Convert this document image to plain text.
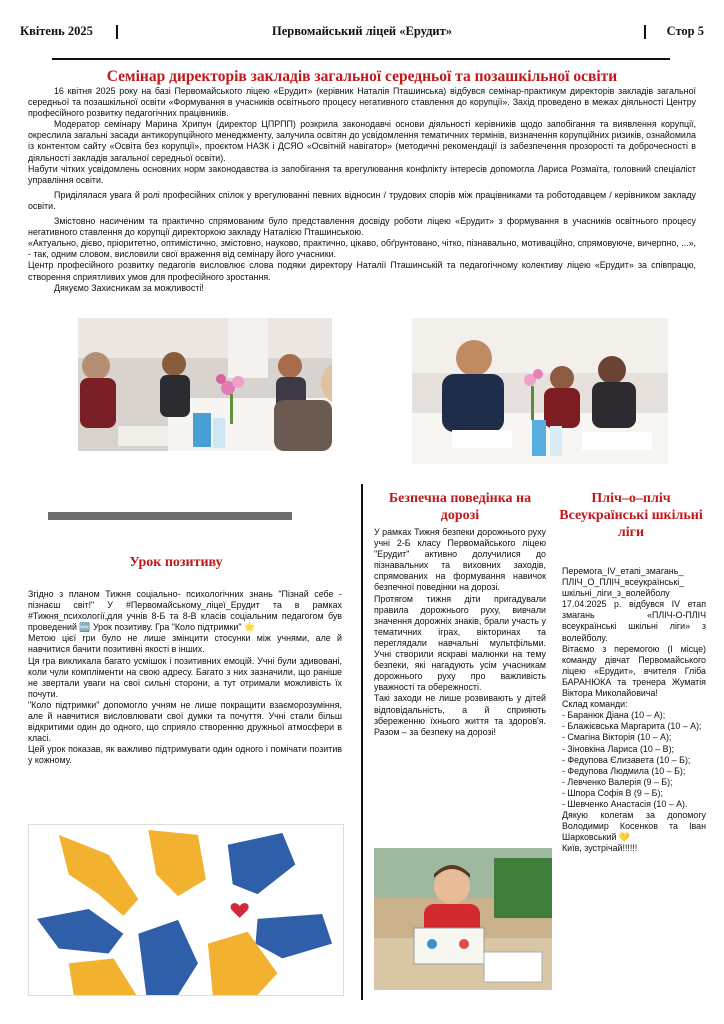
Квітень 2025	Первомайський ліцей «Ерудит»	Стор 5
Семінар директорів закладів загальної середньої та позашкільної освіти

16 квітня 2025 року на базі Первомайського ліцею «Ерудит» (керівник Наталія Пташинська) відбувся семінар-практикум директорів закладів загальної середньої та позашкільної освіти «Формування в учасників освітнього процесу негативного ставлення до корупції». Захід проведено в межах діяльності Центру професійного розвитку педагогічних працівників.

Модератор семінару Марина Хрипун (директор ЦПРПП) розкрила законодавчі основи діяльності керівників щодо запобігання та виявлення корупції, окреслила загальні засади антикорупційного менеджменту, залучила освітян до усвідомлення тематичних термінів, визначення корупційних ризиків, ознайомила із контентом сайту «Освіта без корупції», проєктом НАЗК і ДСЯО «Освітній навігатор» (методичні рекомендації із забезпечення прозорості та доброчесності в діяльності закладів загальної середньої освіти).

Набути чітких усвідомлень основних норм законодавства із запобігання та врегулювання конфлікту інтересів допомогла Лариса Розмаїта, головний спеціаліст управління освіти.

Приділялася увага й ролі професійних спілок у врегулюванні певних відносин / трудових спорів між працівниками та роботодавцем / керівником закладу освіти.

Змістовно насиченим та практично спрямованим було представлення досвіду роботи ліцею «Ерудит» з формування в учасників освітнього процесу негативного ставлення до корупції директоркою закладу Наталією Пташинською.

«Актуально, дієво, пріоритетно, оптимістично, змістовно, науково, практично, цікаво, обґрунтовано, чітко, пізнавально, мотиваційно, спрямовуюче, вичерпно, ...», - так, одним словом, висловили свої враження від семінару його учасники.

Центр професійного розвитку педагогів висловлює слова подяки директору Наталії Пташинській та педагогічному колективу ліцею «Ерудит» за співпрацю, створення сприятливих умов для професійного зростання.

Дякуємо Захисникам за можливості!

Урок позитиву

Згідно з планом Тижня соціально- психологічних знань "Пізнай себе - пізнаєш світ!" У #Первомайському_ліцеї_Ерудит та в рамках #Тижня_психології,для учнів 8-Б та 8-В класів соціальним педагогом був проведений 🆕 Урок позитиву. Гра "Коло підтримки" 🌟

Метою цієї гри було не лише змінцити стосунки між учнями, але й навчитися бачити позитивні якості в інших.

Ця гра викликала багато усмішок і позитивних емоцій. Учні були здивовані, коли чули компліменти на свою адресу. Багато з них зазначили, що раніше не звертали уваги на свої сильні сторони, а тут отримали можливість їх почути.

"Коло підтримки" допомогло учням не лише покращити взаєморозуміння, але й навчитися висловлювати свої думки та почуття. Учні стали більш відкритими один до одного, що сприяло створенню дружньої атмосфери в класі.

Цей урок показав, як важливо підтримувати один одного і помічати позитив у кожному.

Безпечна поведінка на дорозі

У рамках Тижня безпеки дорожнього руху учні 2-Б класу Первомайського ліцею "Ерудит" активно долучилися до пізнавальних та виховних заходів, спрямованих на формування навичок безпечної поведінки на дорозі.

Протягом тижня діти пригадували правила дорожнього руху, вивчали значення дорожніх знаків, брали участь у тематичних іграх, вікторинах та переглядали навчальні мультфільми. Учні створили яскраві малюнки на тему безпеки, які нагадують усім учасникам дорожнього руху про важливість уважності та обережності.

Такі заходи не лише розвивають у дітей відповідальність, а й сприяють збереженню їхнього життя та здоров'я. Разом – за безпеку на дорозі!

Пліч–о–пліч Всеукраїнські шкільні ліги

Перемога_IV_етапі_змагань_ ПЛІЧ_О_ПЛІЧ_всеукраїнські_ шкільні_ліги_з_волейболу 17.04.2025 р. відбувся IV етап змагань «ПЛІЧ-О-ПЛІЧ всеукраїнські шкільні ліги» з волейболу.

Вітаємо з перемогою (І місце) команду дівчат Первомайського ліцею «Ерудит», вчителя Гліба БАРАНЮКА та тренера Жуматія Віктора Миколайовича!

Склад команди:

- Баранюк Діана (10 – А);

- Блажієвська Маргарита (10 – А);

- Смагіна Вікторія (10 – А);

- Зіновкіна Лариса (10 – В);

- Федупова Єлизавета (10 – Б);

- Федупова Людмила (10 – Б);

- Левченко Валерія (9 – Б);

- Шпора Софія В (9 – Б);

- Шевченко Анастасія (10 – А).

Дякую колегам за допомогу Володимир Косенков та Іван Шарковський 💛

Київ, зустрічай!!!!!!
